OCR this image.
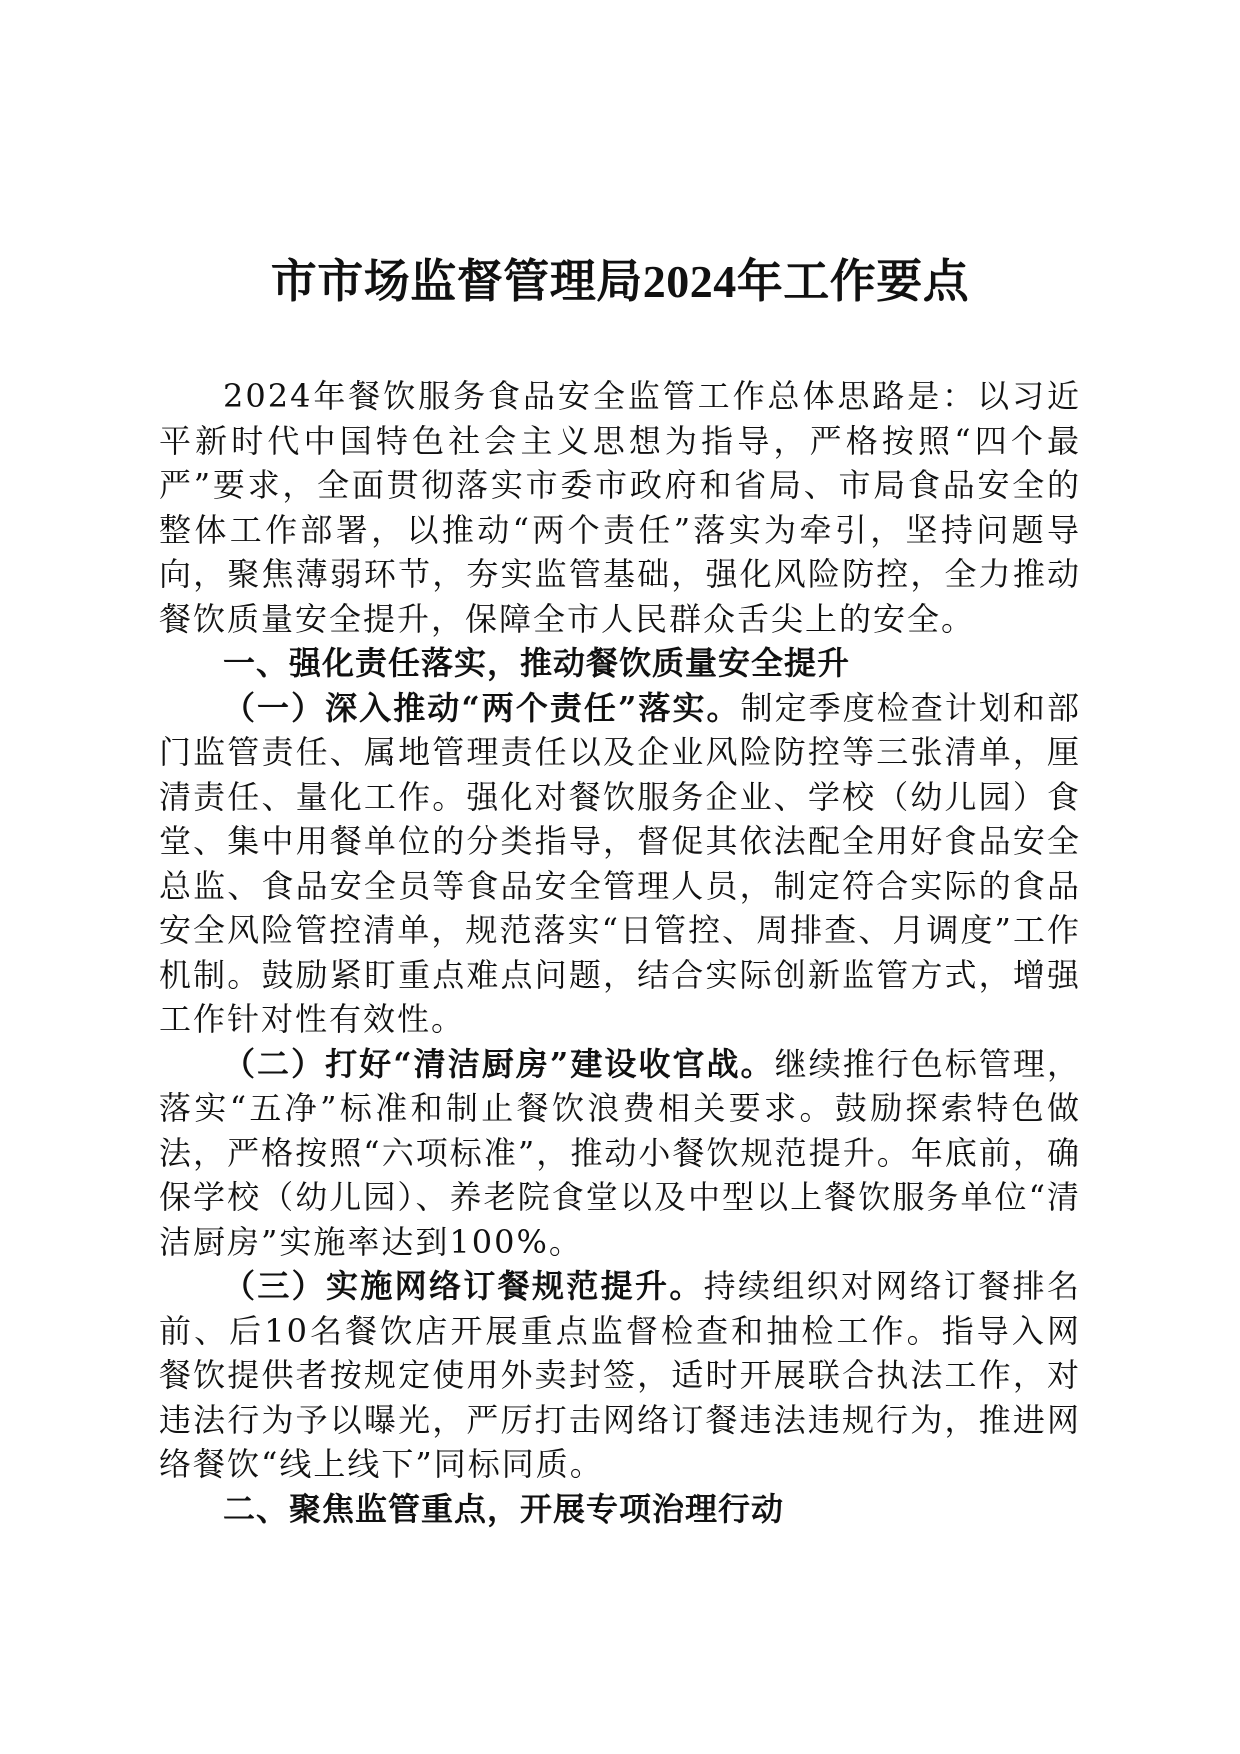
市市场监督管理局2024年工作要点

2024年餐饮服务食品安全监管工作总体思路是：以习近平新时代中国特色社会主义思想为指导，严格按照“四个最严”要求，全面贯彻落实市委市政府和省局、市局食品安全的整体工作部署，以推动“两个责任”落实为牵引，坚持问题导向，聚焦薄弱环节，夯实监管基础，强化风险防控，全力推动餐饮质量安全提升，保障全市人民群众舌尖上的安全。

一、强化责任落实，推动餐饮质量安全提升

（一）深入推动“两个责任”落实。制定季度检查计划和部门监管责任、属地管理责任以及企业风险防控等三张清单，厘清责任、量化工作。强化对餐饮服务企业、学校（幼儿园）食堂、集中用餐单位的分类指导，督促其依法配全用好食品安全总监、食品安全员等食品安全管理人员，制定符合实际的食品安全风险管控清单，规范落实“日管控、周排查、月调度”工作机制。鼓励紧盯重点难点问题，结合实际创新监管方式，增强工作针对性有效性。

（二）打好“清洁厨房”建设收官战。继续推行色标管理，落实“五净”标准和制止餐饮浪费相关要求。鼓励探索特色做法，严格按照“六项标准”，推动小餐饮规范提升。年底前，确保学校（幼儿园）、养老院食堂以及中型以上餐饮服务单位“清洁厨房”实施率达到100%。

（三）实施网络订餐规范提升。持续组织对网络订餐排名前、后10名餐饮店开展重点监督检查和抽检工作。指导入网餐饮提供者按规定使用外卖封签，适时开展联合执法工作，对违法行为予以曝光，严厉打击网络订餐违法违规行为，推进网络餐饮“线上线下”同标同质。

二、聚焦监管重点，开展专项治理行动
